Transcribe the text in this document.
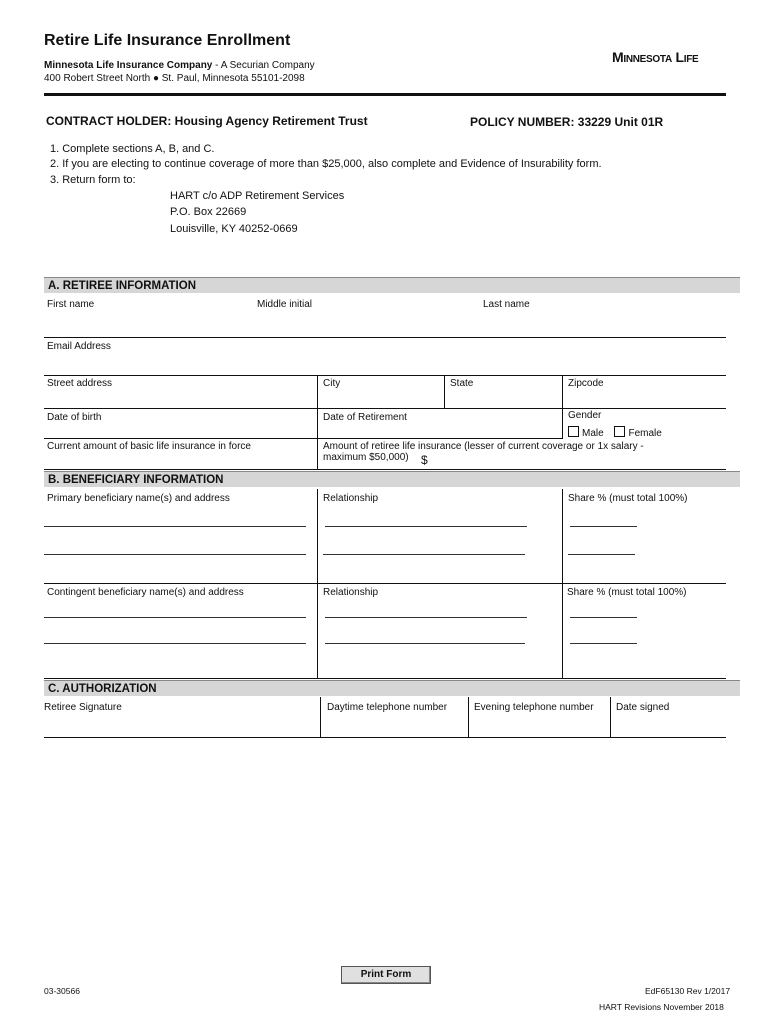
Retire Life Insurance Enrollment
Minnesota Life Insurance Company - A Securian Company
400 Robert Street North ● St. Paul, Minnesota 55101-2098
Minnesota Life
CONTRACT HOLDER: Housing Agency Retirement Trust	POLICY NUMBER: 33229 Unit 01R
1. Complete sections A, B, and C.
2. If you are electing to continue coverage of more than $25,000, also complete and Evidence of Insurability form.
3. Return form to:
HART c/o ADP Retirement Services
P.O. Box 22669
Louisville, KY 40252-0669
A. RETIREE INFORMATION
First name	Middle initial	Last name
Email Address
Street address	City	State	Zipcode
Date of birth	Date of Retirement	Gender
Male Female
Current amount of basic life insurance in force	Amount of retiree life insurance (lesser of current coverage or 1x salary -
maximum $50,000) $
B. BENEFICIARY INFORMATION
Primary beneficiary name(s) and address	Relationship	Share % (must total 100%)
Contingent beneficiary name(s) and address	Relationship	Share % (must total 100%)
C. AUTHORIZATION
Retiree Signature	Daytime telephone number	Evening telephone number Date signed
Print Form
03-30566	EdF65130 Rev 1/2017
HART Revisions November 2018
